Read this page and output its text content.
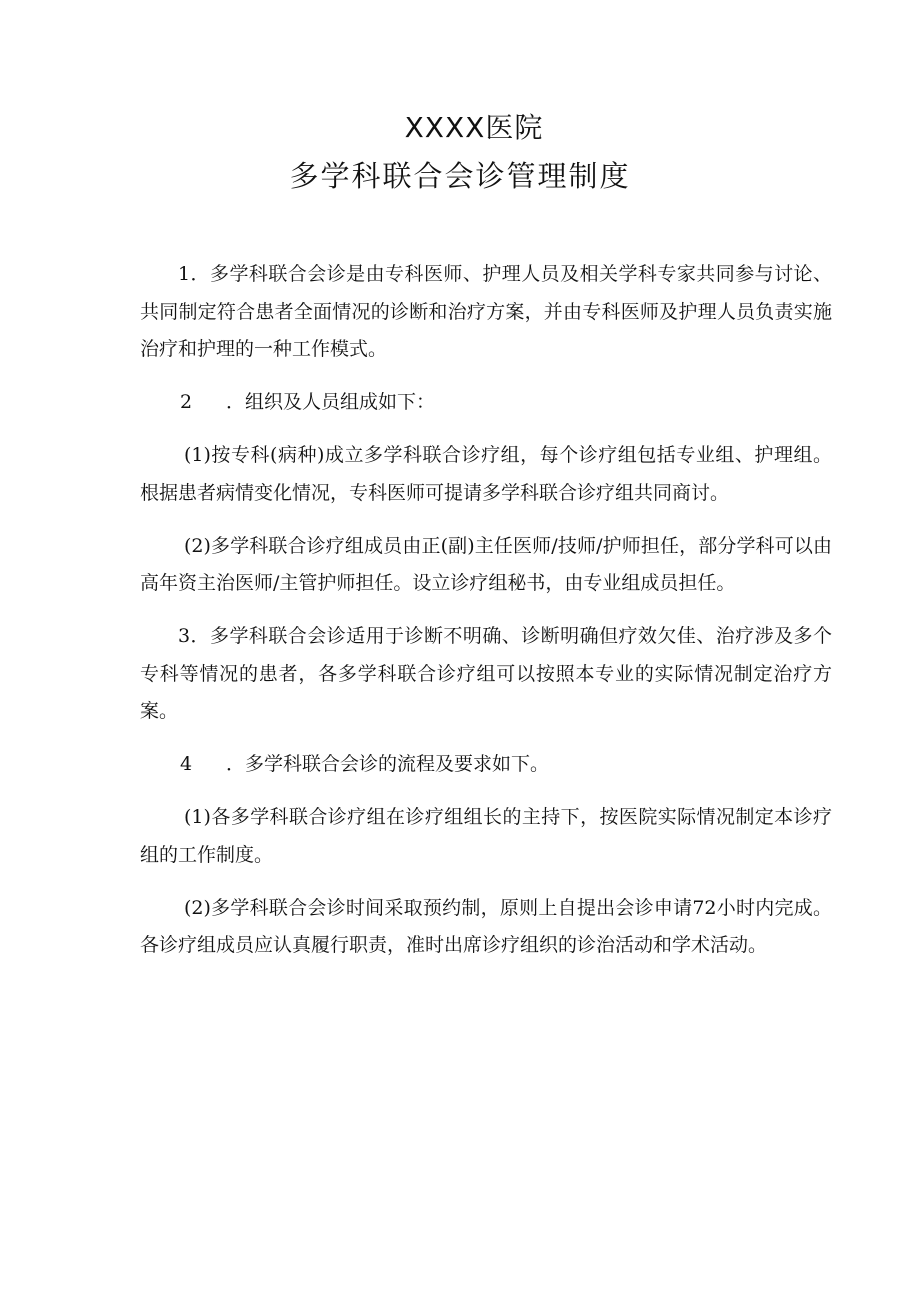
XXXX医院
多学科联合会诊管理制度

1．多学科联合会诊是由专科医师、护理人员及相关学科专家共同参与讨论、共同制定符合患者全面情况的诊断和治疗方案，并由专科医师及护理人员负责实施治疗和护理的一种工作模式。

2 ．组织及人员组成如下：

(1)按专科(病种)成立多学科联合诊疗组，每个诊疗组包括专业组、护理组。根据患者病情变化情况，专科医师可提请多学科联合诊疗组共同商讨。

(2)多学科联合诊疗组成员由正(副)主任医师/技师/护师担任，部分学科可以由高年资主治医师/主管护师担任。设立诊疗组秘书，由专业组成员担任。

3．多学科联合会诊适用于诊断不明确、诊断明确但疗效欠佳、治疗涉及多个专科等情况的患者，各多学科联合诊疗组可以按照本专业的实际情况制定治疗方案。

4 ．多学科联合会诊的流程及要求如下。

(1)各多学科联合诊疗组在诊疗组组长的主持下，按医院实际情况制定本诊疗组的工作制度。

(2)多学科联合会诊时间采取预约制，原则上自提出会诊申请72小时内完成。各诊疗组成员应认真履行职责，准时出席诊疗组织的诊治活动和学术活动。
